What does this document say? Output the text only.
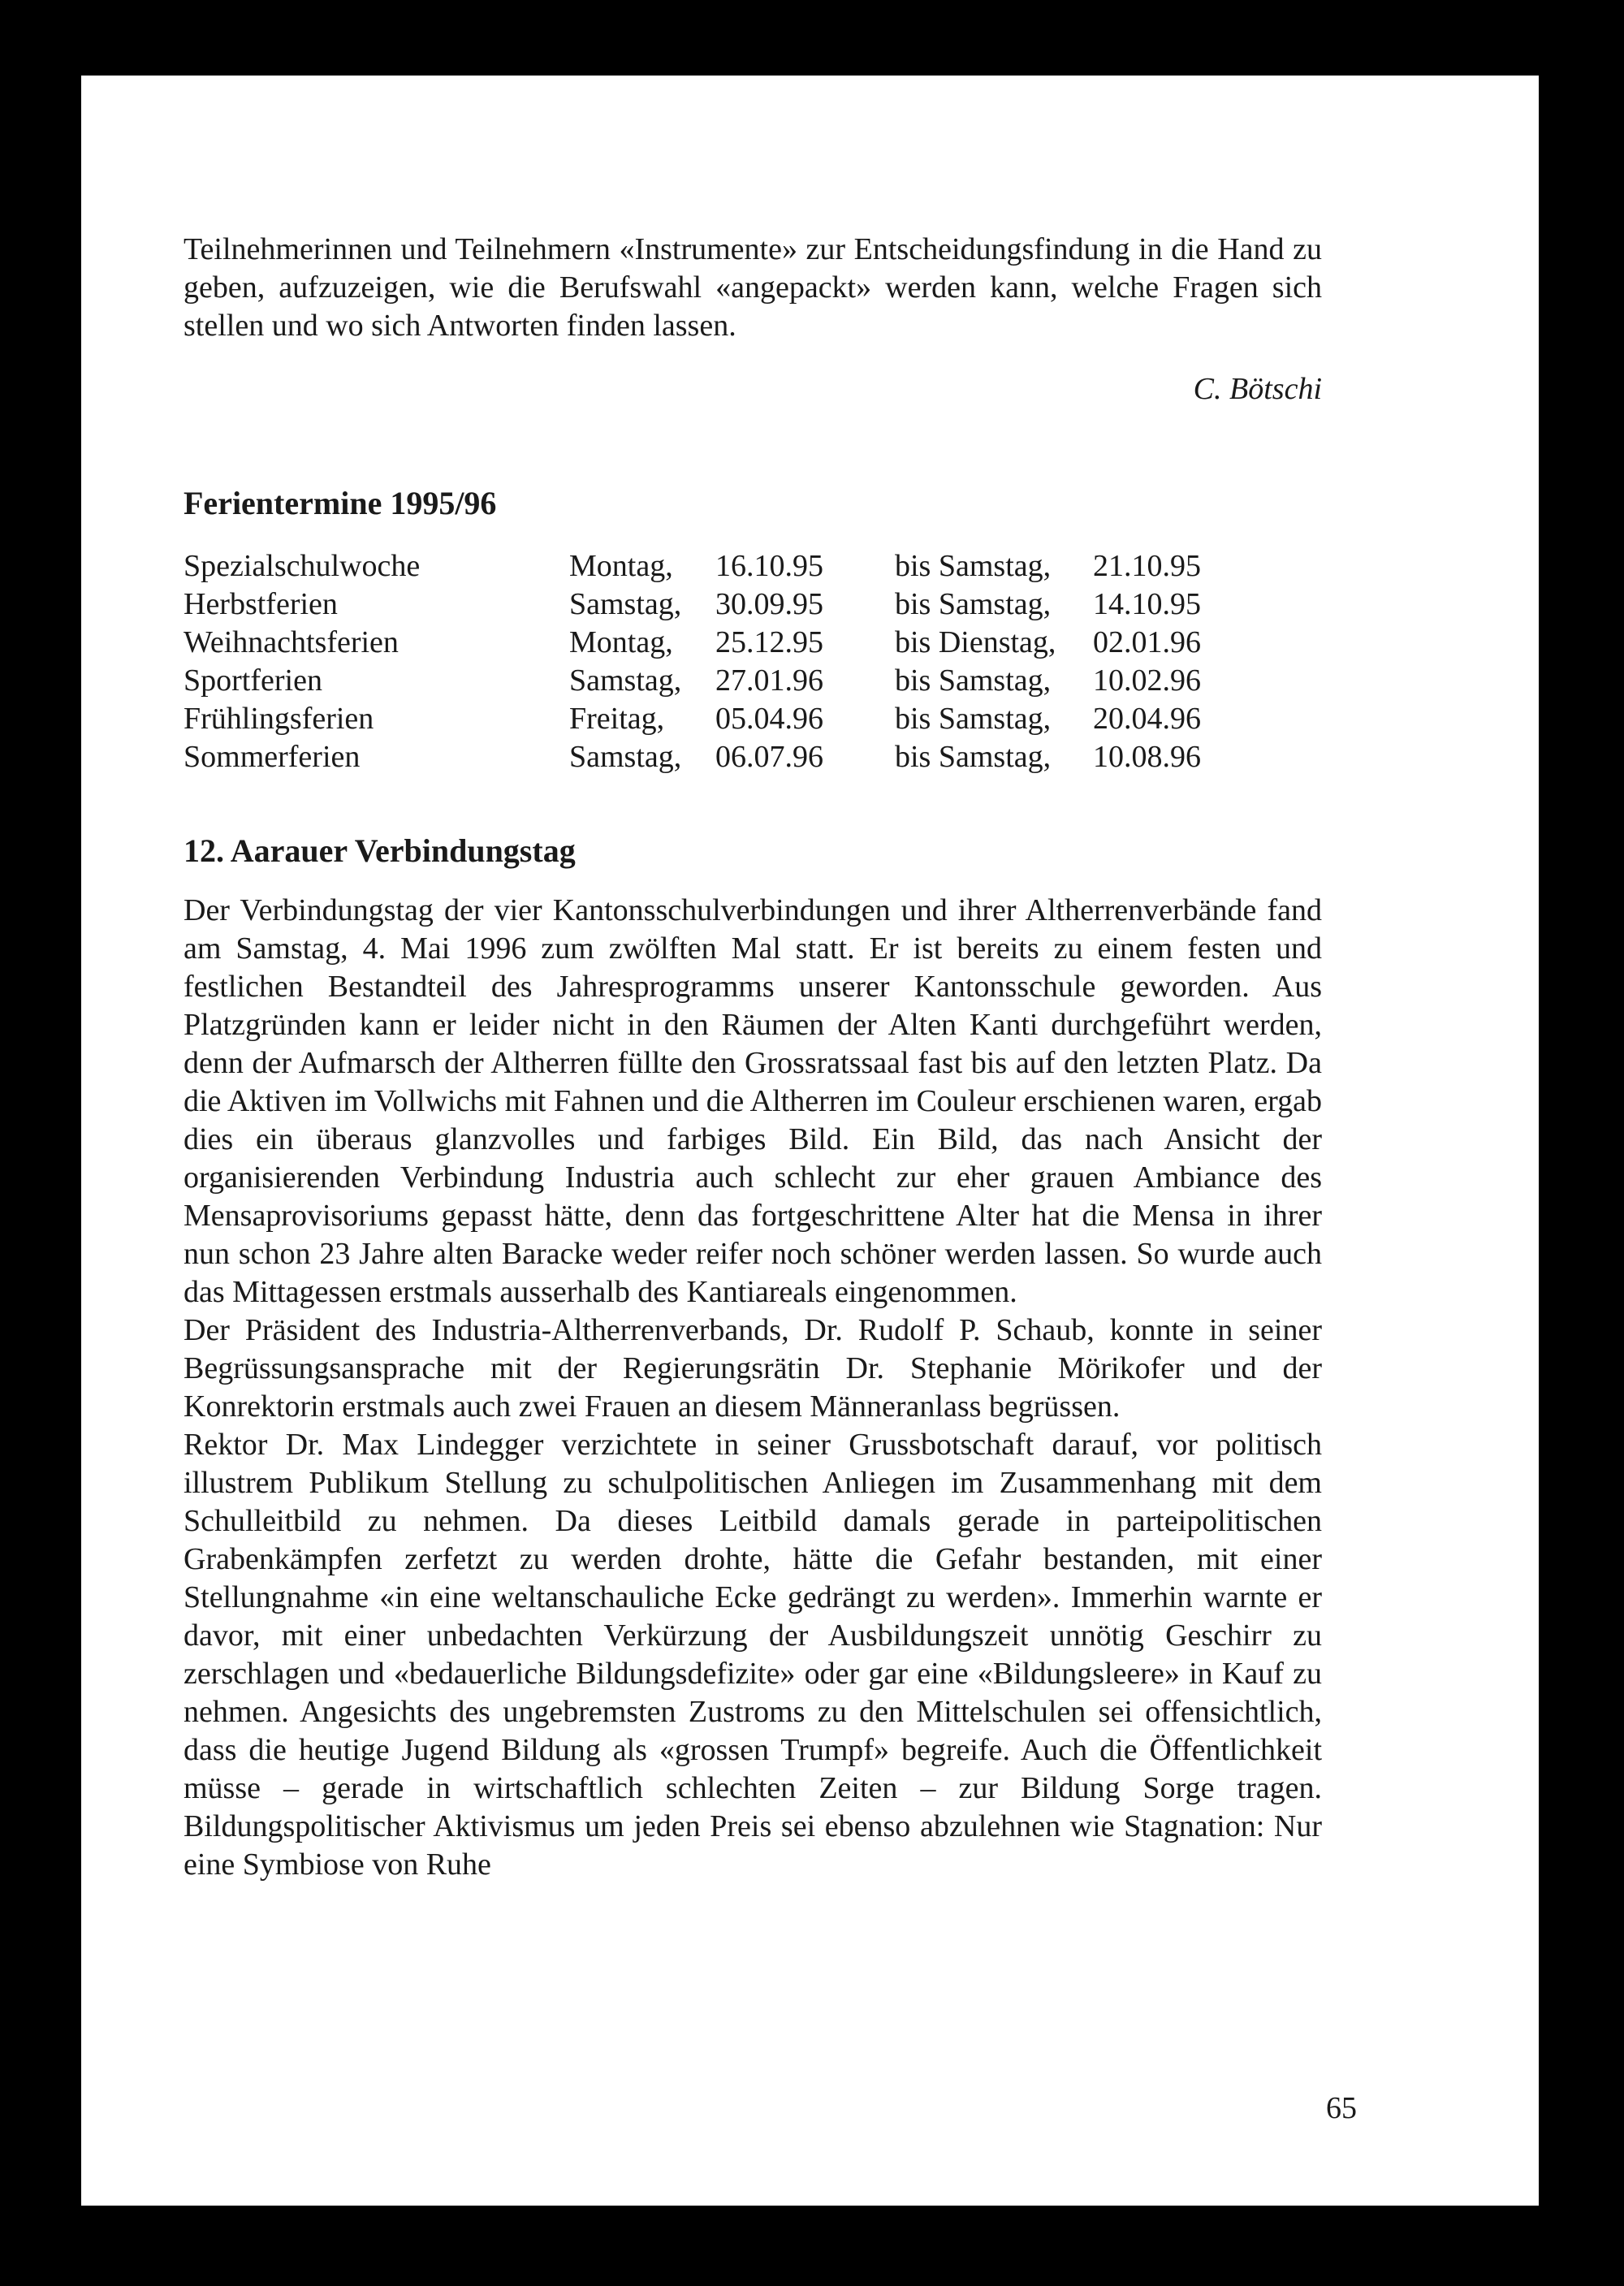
Teilnehmerinnen und Teilnehmern «Instrumente» zur Entscheidungsfindung in die Hand zu geben, aufzuzeigen, wie die Berufswahl «angepackt» werden kann, welche Fragen sich stellen und wo sich Antworten finden lassen.

C. Bötschi

Ferientermine 1995/96
Spezialschulwoche	Montag, 16.10.95 bis Samstag, 21.10.95
Herbstferien	Samstag, 30.09.95 bis Samstag, 14.10.95
Weihnachtsferien	Montag, 25.12.95 bis Dienstag, 02.01.96
Sportferien	Samstag, 27.01.96 bis Samstag, 10.02.96
Frühlingsferien	Freitag, 05.04.96 bis Samstag, 20.04.96
Sommerferien	Samstag, 06.07.96 bis Samstag, 10.08.96
12. Aarauer Verbindungstag

Der Verbindungstag der vier Kantonsschulverbindungen und ihrer Altherrenverbände fand am Samstag, 4. Mai 1996 zum zwölften Mal statt. Er ist bereits zu einem festen und festlichen Bestandteil des Jahresprogramms unserer Kantonsschule geworden. Aus Platzgründen kann er leider nicht in den Räumen der Alten Kanti durchgeführt werden, denn der Aufmarsch der Altherren füllte den Grossratssaal fast bis auf den letzten Platz. Da die Aktiven im Vollwichs mit Fahnen und die Altherren im Couleur erschienen waren, ergab dies ein überaus glanzvolles und farbiges Bild. Ein Bild, das nach Ansicht der organisierenden Verbindung Industria auch schlecht zur eher grauen Ambiance des Mensaprovisoriums gepasst hätte, denn das fortgeschrittene Alter hat die Mensa in ihrer nun schon 23 Jahre alten Baracke weder reifer noch schöner werden lassen. So wurde auch das Mittagessen erstmals ausserhalb des Kantiareals eingenommen.

Der Präsident des Industria-Altherrenverbands, Dr. Rudolf P. Schaub, konnte in seiner Begrüssungsansprache mit der Regierungsrätin Dr. Stephanie Mörikofer und der Konrektorin erstmals auch zwei Frauen an diesem Männeranlass begrüssen.

Rektor Dr. Max Lindegger verzichtete in seiner Grussbotschaft darauf, vor politisch illustrem Publikum Stellung zu schulpolitischen Anliegen im Zusammenhang mit dem Schulleitbild zu nehmen. Da dieses Leitbild damals gerade in parteipolitischen Grabenkämpfen zerfetzt zu werden drohte, hätte die Gefahr bestanden, mit einer Stellungnahme «in eine weltanschauliche Ecke gedrängt zu werden». Immerhin warnte er davor, mit einer unbedachten Verkürzung der Ausbildungszeit unnötig Geschirr zu zerschlagen und «bedauerliche Bildungsdefizite» oder gar eine «Bildungsleere» in Kauf zu nehmen. Angesichts des ungebremsten Zustroms zu den Mittelschulen sei offensichtlich, dass die heutige Jugend Bildung als «grossen Trumpf» begreife. Auch die Öffentlichkeit müsse – gerade in wirtschaftlich schlechten Zeiten – zur Bildung Sorge tragen. Bildungspolitischer Aktivismus um jeden Preis sei ebenso abzulehnen wie Stagnation: Nur eine Symbiose von Ruhe

65
